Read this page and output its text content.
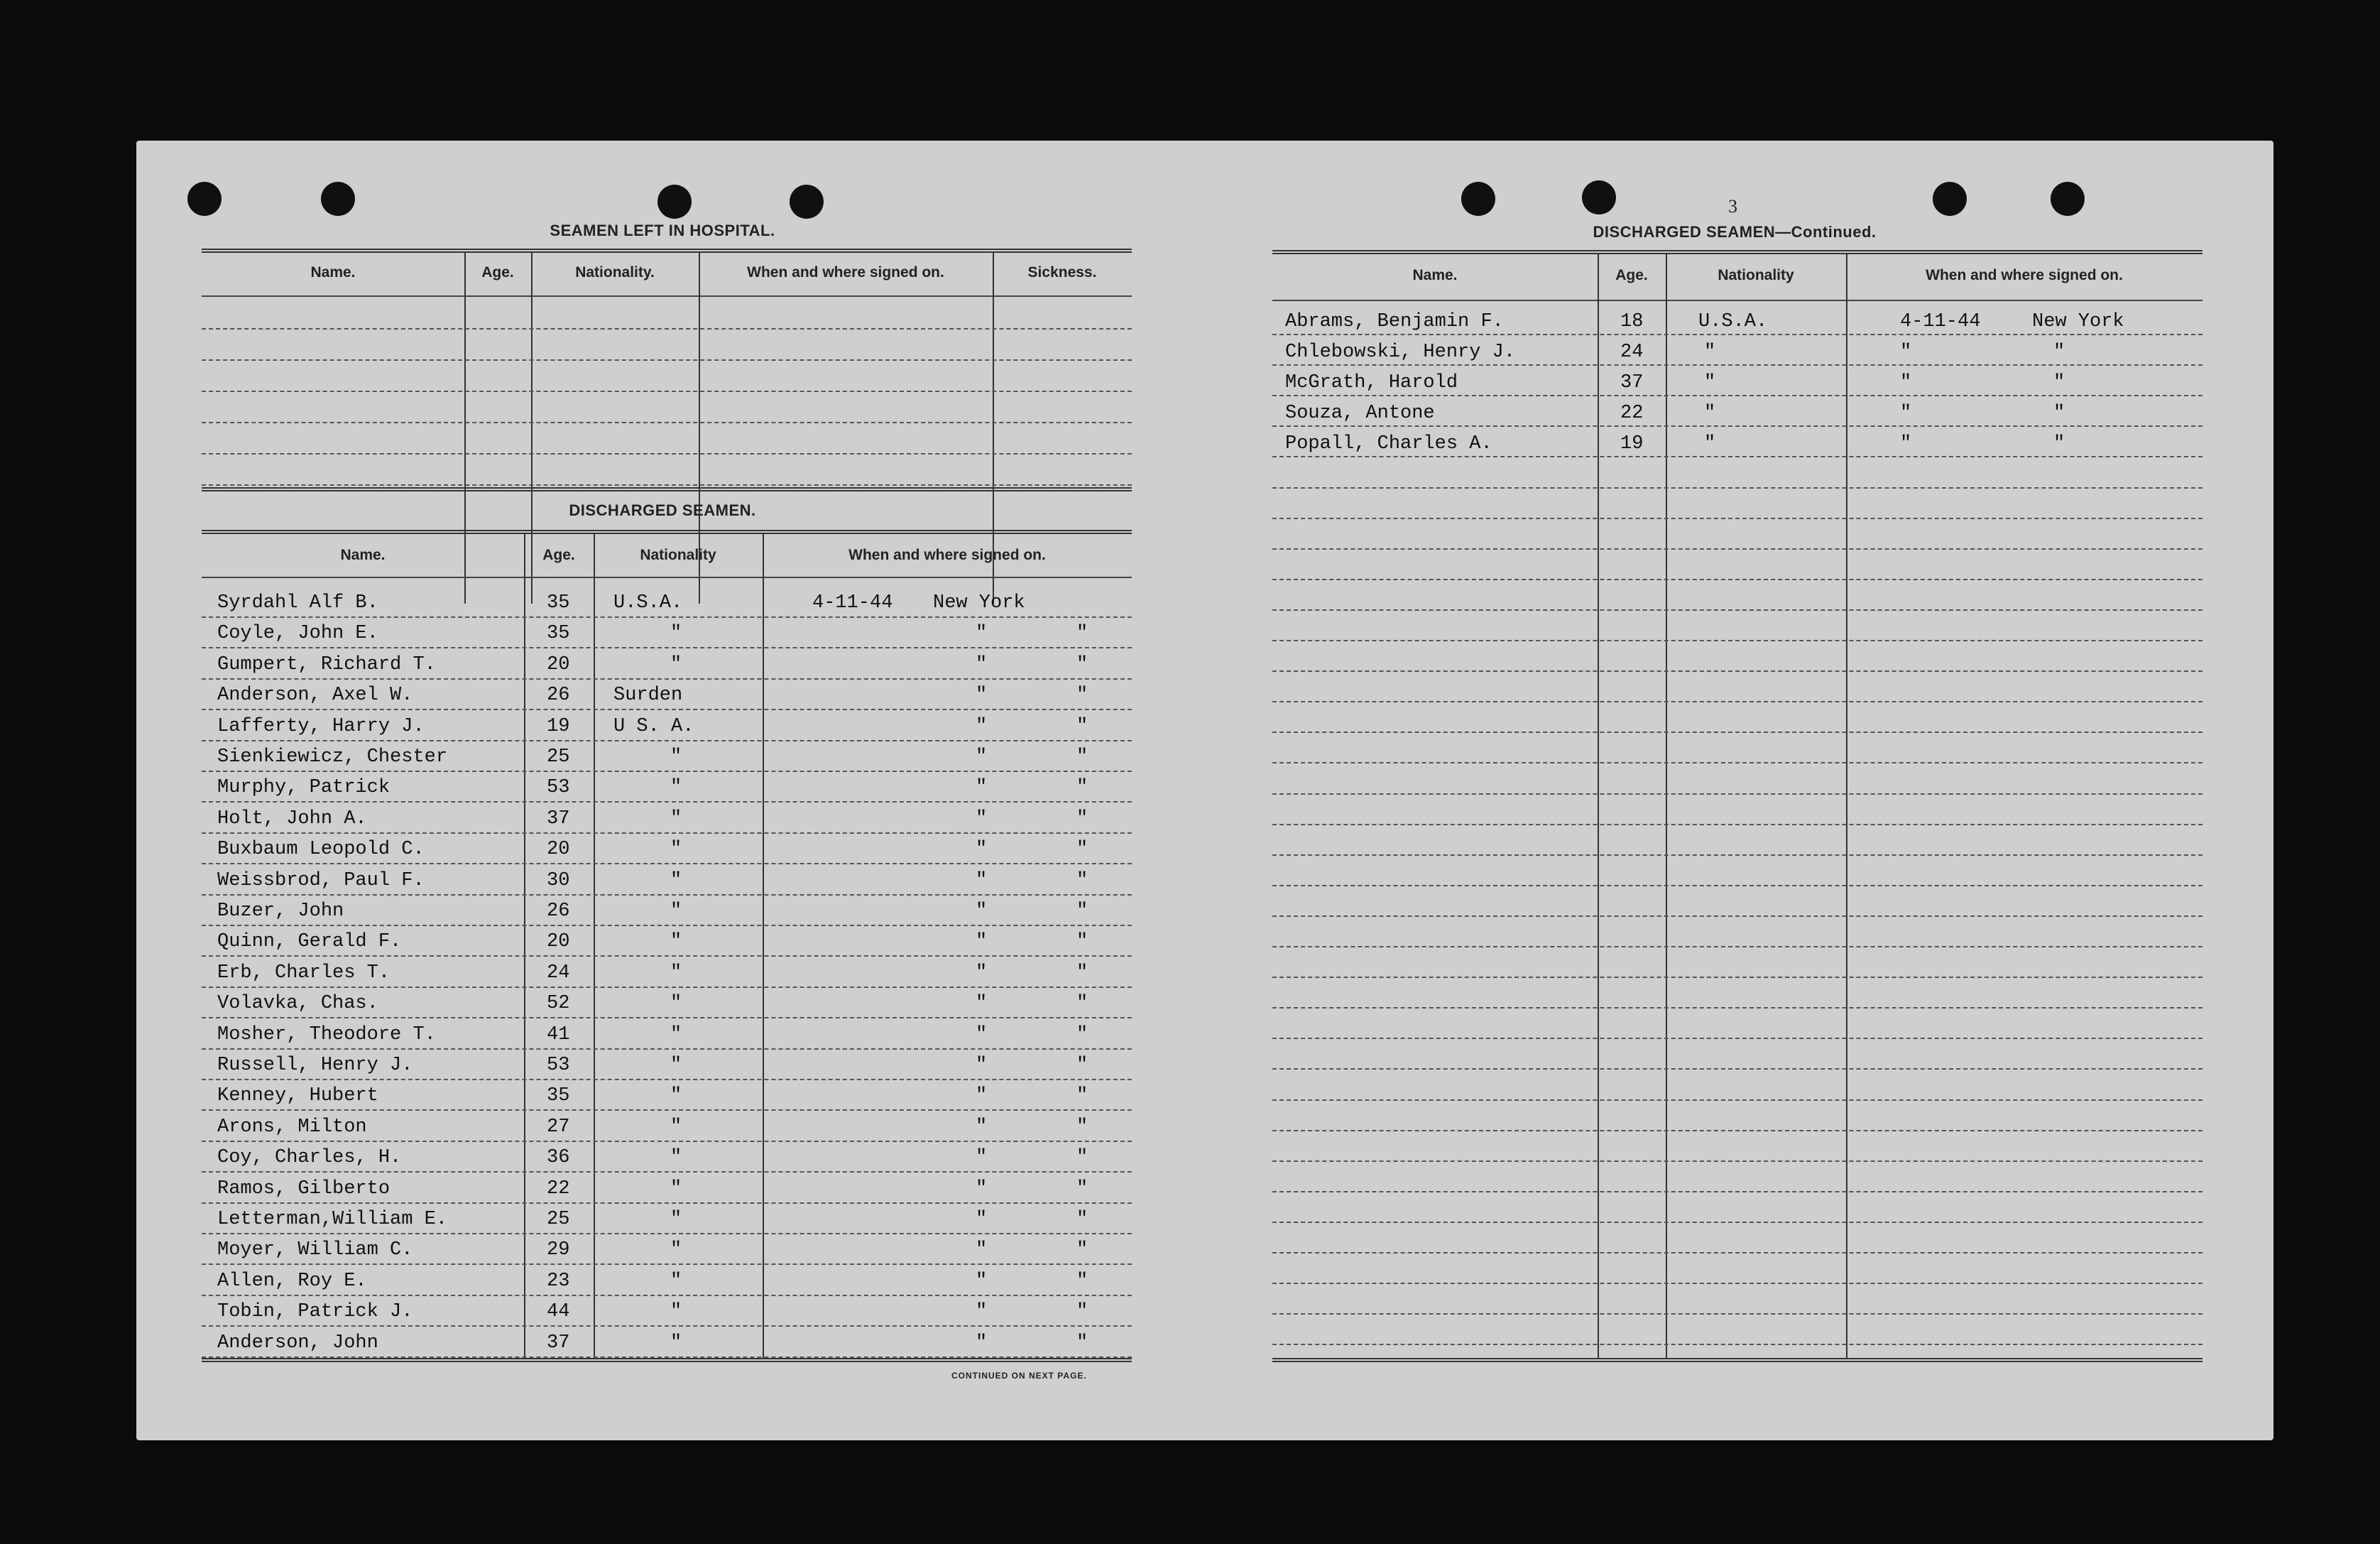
SEAMEN LEFT IN HOSPITAL.
Name.	Age.	Nationality.	When and where signed on.	Sickness.
DISCHARGED SEAMEN.
Name.	Age.	Nationality	When and where signed on.
Syrdahl Alf B.	35 U.S.A.	4-11-44 New York
Coyle, John E.	35	"	"	"
Gumpert, Richard T.	20	"	"	"
Anderson, Axel W.	26 Surden	"	"
Lafferty, Harry J.	19 U S. A.	"	"
Sienkiewicz, Chester	25	"	"	"
Murphy, Patrick	53	"	"	"
Holt, John A.	37	"	"	"
Buxbaum Leopold C.	20	"	"	"
Weissbrod, Paul F.	30	"	"	"
Buzer, John	26	"	"	"
Quinn, Gerald F.	20	"	"	"
Erb, Charles T.	24	"	"	"
Volavka, Chas.	52	"	"	"
Mosher, Theodore T.	41	"	"	"
Russell, Henry J.	53	"	"	"
Kenney, Hubert	35	"	"	"
Arons, Milton	27	"	"	"
Coy, Charles, H.	36	"	"	"
Ramos, Gilberto	22	"	"	"
Letterman,William E.	25	"	"	"
Moyer, William C.	29	"	"	"
Allen, Roy E.	23	"	"	"
Tobin, Patrick J.	44	"	"	"
Anderson, John	37	"	"	"
CONTINUED ON NEXT PAGE.
3
DISCHARGED SEAMEN—Continued.
Name.	Age.	Nationality	When and where signed on.
Abrams, Benjamin F.	18	U.S.A.	4-11-44	New York
Chlebowski, Henry J.	24	"	"	"
McGrath, Harold	37	"	"	"
Souza, Antone	22	"	"	"
Popall, Charles A.	19	"	"	"
